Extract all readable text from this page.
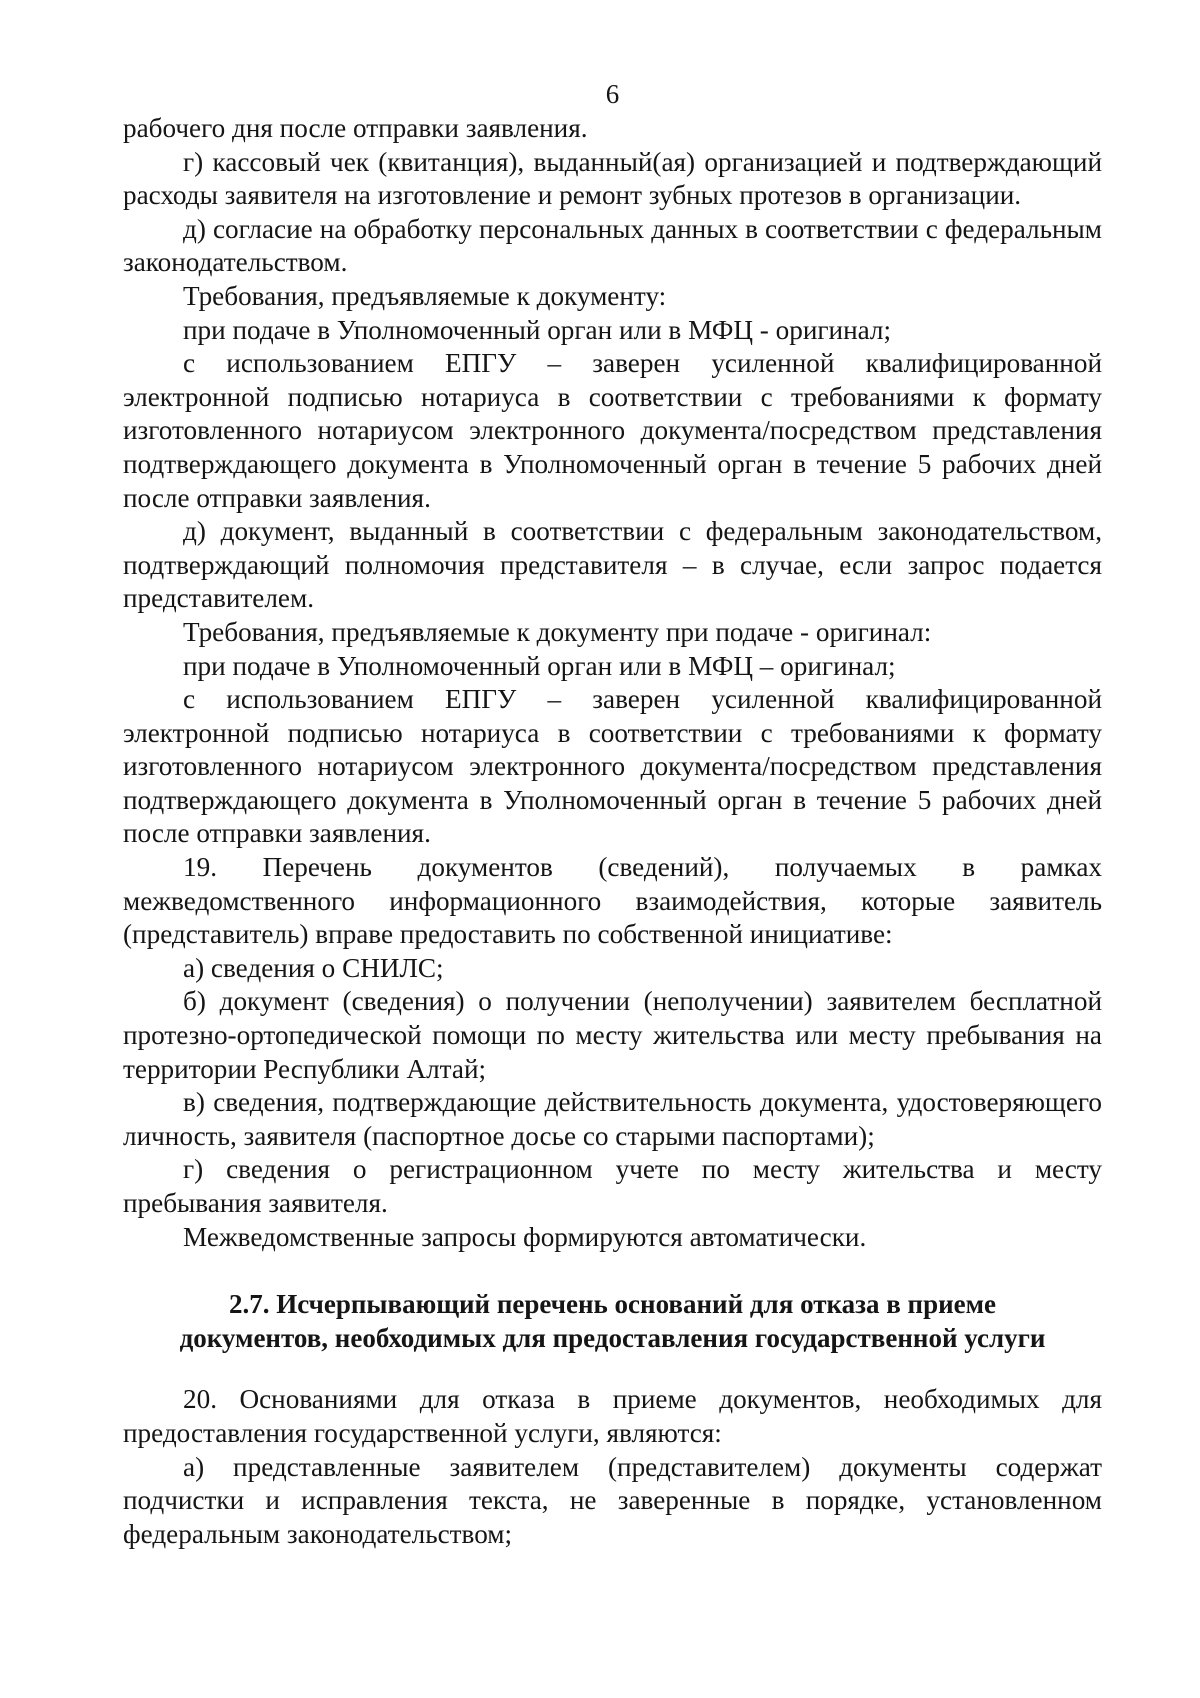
6

рабочего дня после отправки заявления.

г) кассовый чек (квитанция), выданный(ая) организацией и подтверждающий расходы заявителя на изготовление и ремонт зубных протезов в организации.

д) согласие на обработку персональных данных в соответствии с федеральным законодательством.

Требования, предъявляемые к документу:

при подаче в Уполномоченный орган или в МФЦ - оригинал;

с использованием ЕПГУ – заверен усиленной квалифицированной электронной подписью нотариуса в соответствии с требованиями к формату изготовленного нотариусом электронного документа/посредством представления подтверждающего документа в Уполномоченный орган в течение 5 рабочих дней после отправки заявления.

д) документ, выданный в соответствии с федеральным законодательством, подтверждающий полномочия представителя – в случае, если запрос подается представителем.

Требования, предъявляемые к документу при подаче - оригинал:

при подаче в Уполномоченный орган или в МФЦ – оригинал;

с использованием ЕПГУ – заверен усиленной квалифицированной электронной подписью нотариуса в соответствии с требованиями к формату изготовленного нотариусом электронного документа/посредством представления подтверждающего документа в Уполномоченный орган в течение 5 рабочих дней после отправки заявления.

19. Перечень документов (сведений), получаемых в рамках межведомственного информационного взаимодействия, которые заявитель (представитель) вправе предоставить по собственной инициативе:

а) сведения о СНИЛС;

б) документ (сведения) о получении (неполучении) заявителем бесплатной протезно-ортопедической помощи по месту жительства или месту пребывания на территории Республики Алтай;

в) сведения, подтверждающие действительность документа, удостоверяющего личность, заявителя (паспортное досье со старыми паспортами);

г) сведения о регистрационном учете по месту жительства и месту пребывания заявителя.

Межведомственные запросы формируются автоматически.

2.7. Исчерпывающий перечень оснований для отказа в приеме
документов, необходимых для предоставления государственной услуги

20. Основаниями для отказа в приеме документов, необходимых для предоставления государственной услуги, являются:

а) представленные заявителем (представителем) документы содержат подчистки и исправления текста, не заверенные в порядке, установленном федеральным законодательством;
